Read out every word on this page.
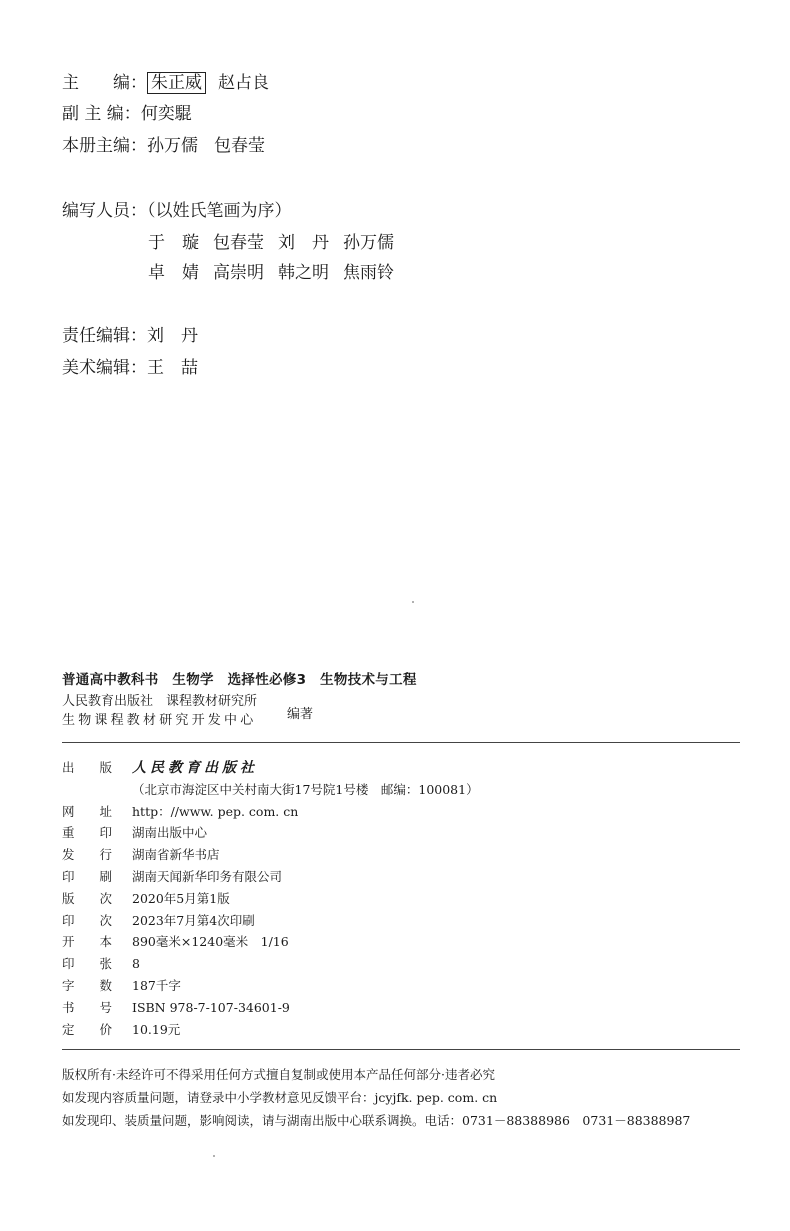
主　　编： 朱正威 赵占良
副 主 编：何奕騉
本册主编：孙万儒 包春莹
编写人员：（以姓氏笔画为序）
于　璇 包春莹 刘　丹 孙万儒
卓　婧 高崇明 韩之明 焦雨铃
责任编辑：刘　丹
美术编辑：王　喆
普通高中教科书　生物学　选择性必修3　生物技术与工程
人民教育出版社　课程教材研究所
生物课程教材研究开发中心 编著
出　　版 人民教育出版社
（北京市海淀区中关村南大街17号院1号楼　邮编：100081）
网　　址 http：//www. pep. com. cn
重　　印 湖南出版中心
发　　行 湖南省新华书店
印　　刷 湖南天闻新华印务有限公司
版　　次 2020年5月第1版
印　　次 2023年7月第4次印刷
开　　本 890毫米×1240毫米　1/16
印　　张 8
字　　数 187千字
书　　号 ISBN 978-7-107-34601-9
定　　价 10.19元
版权所有·未经许可不得采用任何方式擅自复制或使用本产品任何部分·违者必究
如发现内容质量问题，请登录中小学教材意见反馈平台：jcyjfk. pep. com. cn
如发现印、装质量问题，影响阅读，请与湖南出版中心联系调换。电话：0731－88388986　0731－88388987
